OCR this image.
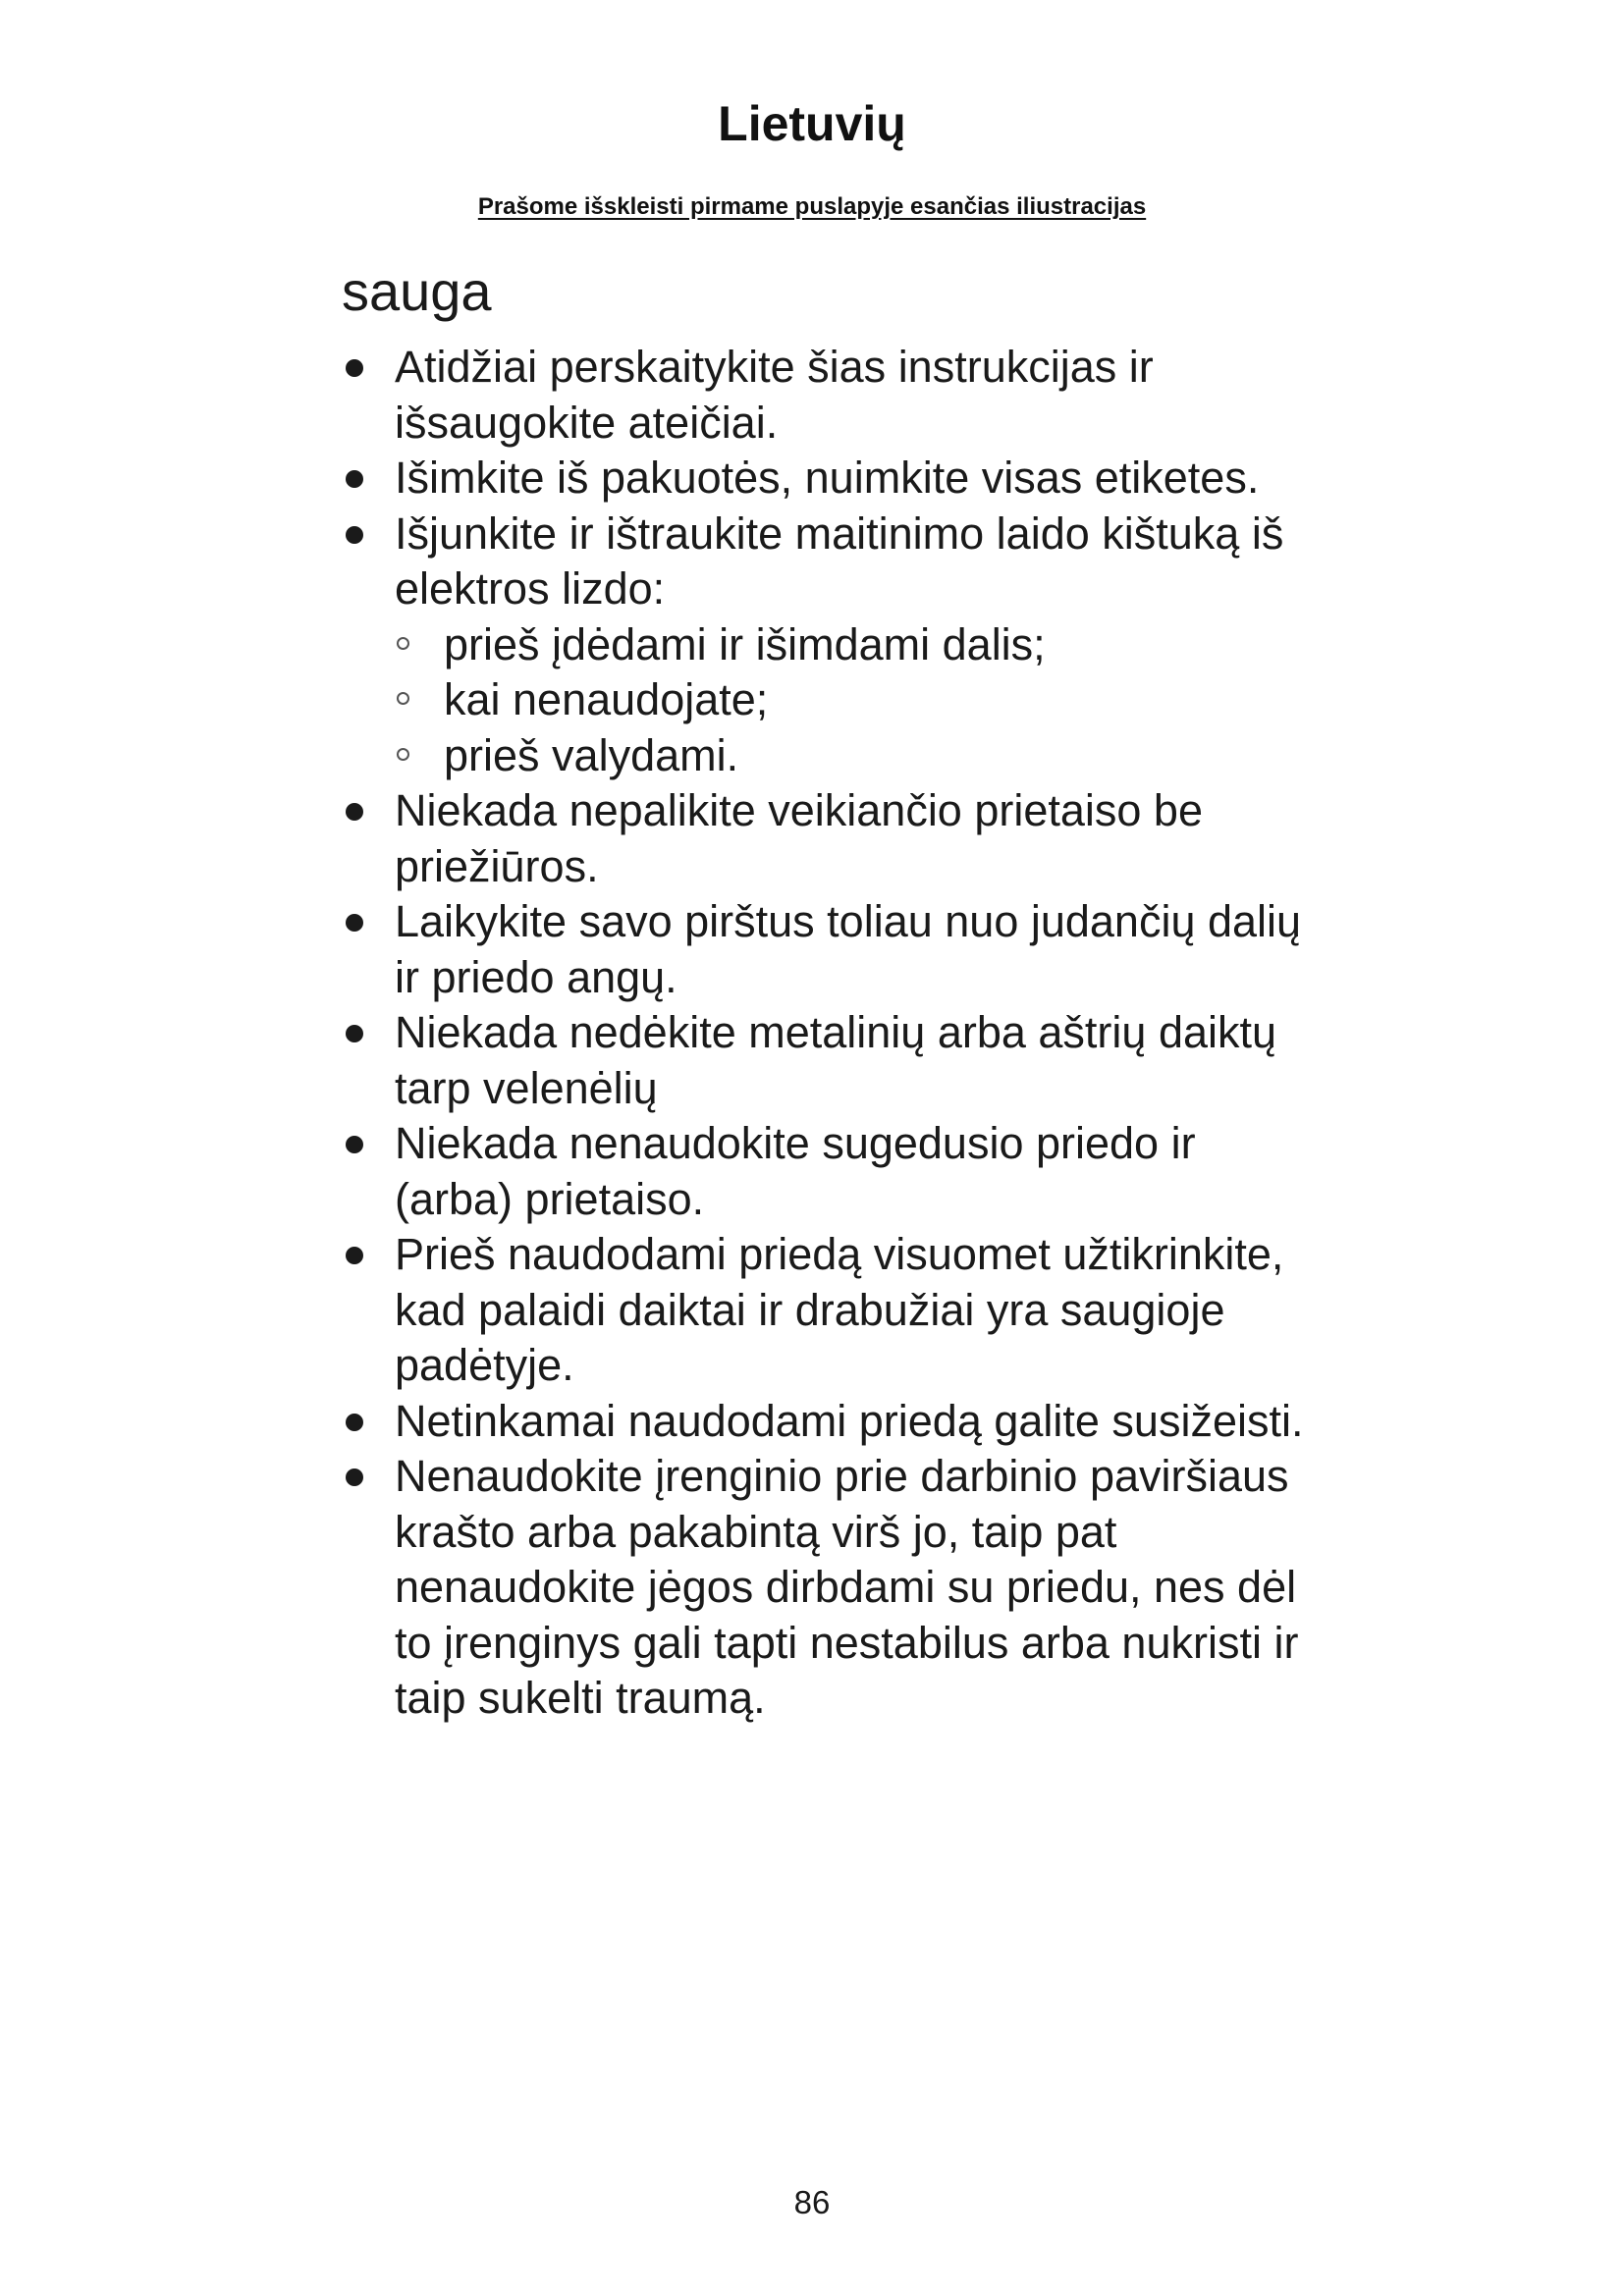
Lietuvių

Prašome išskleisti pirmame puslapyje esančias iliustracijas

sauga
Atidžiai perskaitykite šias instrukcijas ir išsaugokite ateičiai.
Išimkite iš pakuotės, nuimkite visas etiketes.
Išjunkite ir ištraukite maitinimo laido kištuką iš elektros lizdo:
prieš įdėdami ir išimdami dalis;
kai nenaudojate;
prieš valydami.
Niekada nepalikite veikiančio prietaiso be priežiūros.
Laikykite savo pirštus toliau nuo judančių dalių ir priedo angų.
Niekada nedėkite metalinių arba aštrių daiktų tarp velenėlių
Niekada nenaudokite sugedusio priedo ir (arba) prietaiso.
Prieš naudodami priedą visuomet užtikrinkite, kad palaidi daiktai ir drabužiai yra saugioje padėtyje.
Netinkamai naudodami priedą galite susižeisti.
Nenaudokite įrenginio prie darbinio paviršiaus krašto arba pakabintą virš jo, taip pat nenaudokite jėgos dirbdami su priedu, nes dėl to įrenginys gali tapti nestabilus arba nukristi ir taip sukelti traumą.
86
